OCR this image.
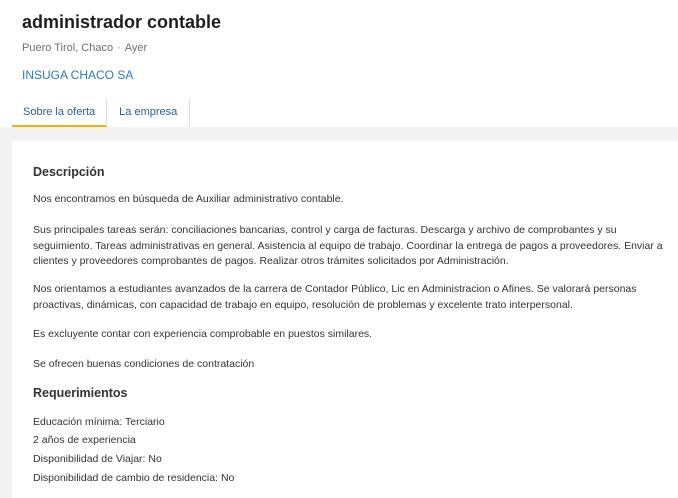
administrador contable
Puero Tirol, Chaco · Ayer
INSUGA CHACO SA
Sobre la oferta	La empresa
Descripción
Nos encontramos en búsqueda de Auxiliar administrativo contable.
Sus principales tareas serán: conciliaciones bancarias, control y carga de facturas. Descarga y archivo de comprobantes y su seguimiento. Tareas administrativas en general. Asistencia al equipo de trabajo. Coordinar la entrega de pagos a proveedores. Enviar a clientes y proveedores comprobantes de pagos. Realizar otros trámites solicitados por Administración.
Nos orientamos a estudiantes avanzados de la carrera de Contador Público, Lic en Administracion o Afines. Se valorará personas proactivas, dinámicas, con capacidad de trabajo en equipo, resolución de problemas y excelente trato interpersonal.
Es excluyente contar con experiencia comprobable en puestos similares.
Se ofrecen buenas condiciones de contratación
Requerimientos
Educación mínima: Terciario
2 años de experiencia
Disponibilidad de Viajar: No
Disponibilidad de cambio de residencia: No
